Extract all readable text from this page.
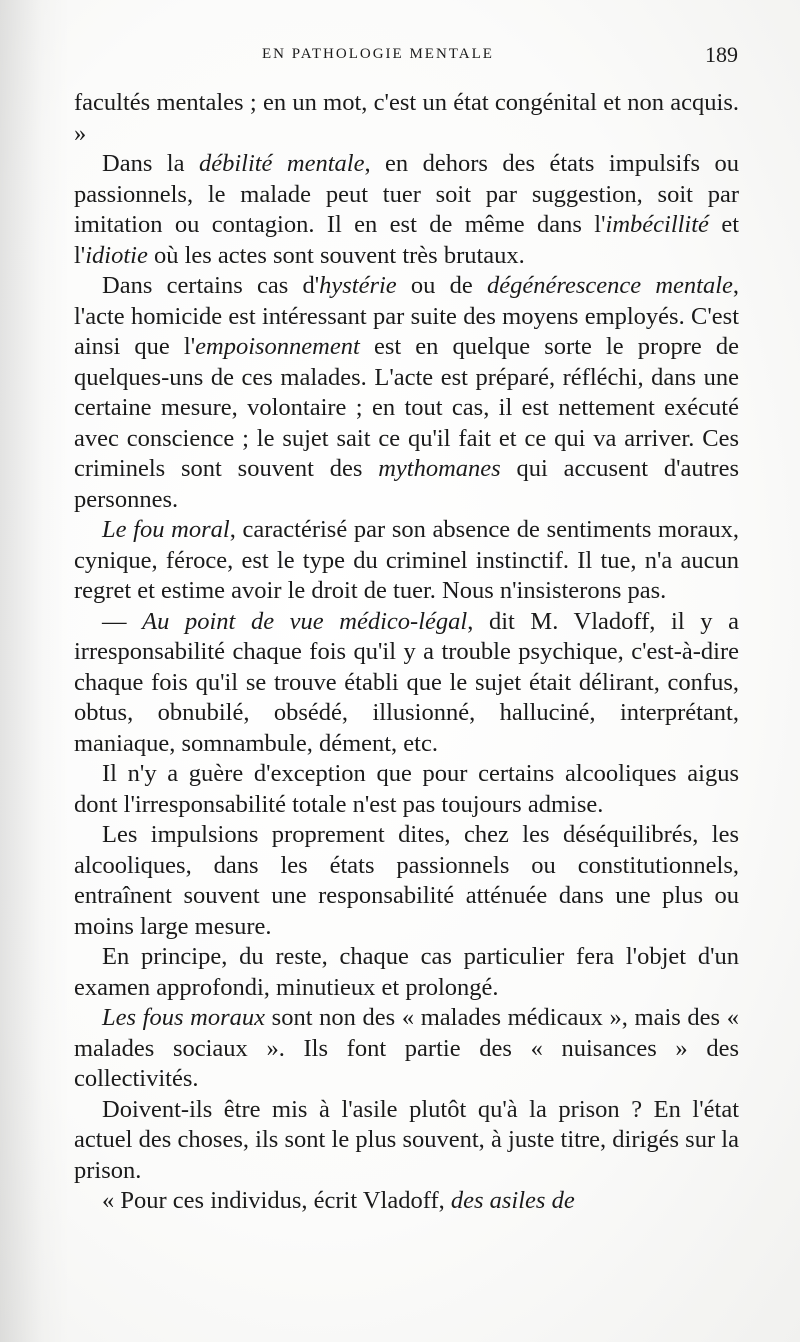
EN PATHOLOGIE MENTALE	189

facultés mentales ; en un mot, c'est un état congénital et non acquis. »

Dans la débilité mentale, en dehors des états impulsifs ou passionnels, le malade peut tuer soit par suggestion, soit par imitation ou contagion. Il en est de même dans l'imbécillité et l'idiotie où les actes sont souvent très brutaux.

Dans certains cas d'hystérie ou de dégénérescence mentale, l'acte homicide est intéressant par suite des moyens employés. C'est ainsi que l'empoisonnement est en quelque sorte le propre de quelques-uns de ces malades. L'acte est préparé, réfléchi, dans une certaine mesure, volontaire ; en tout cas, il est nettement exécuté avec conscience ; le sujet sait ce qu'il fait et ce qui va arriver. Ces criminels sont souvent des mythomanes qui accusent d'autres personnes.

Le fou moral, caractérisé par son absence de sentiments moraux, cynique, féroce, est le type du criminel instinctif. Il tue, n'a aucun regret et estime avoir le droit de tuer. Nous n'insisterons pas.

— Au point de vue médico-légal, dit M. Vladoff, il y a irresponsabilité chaque fois qu'il y a trouble psychique, c'est-à-dire chaque fois qu'il se trouve établi que le sujet était délirant, confus, obtus, obnubilé, obsédé, illusionné, halluciné, interprétant, maniaque, somnambule, dément, etc.

Il n'y a guère d'exception que pour certains alcooliques aigus dont l'irresponsabilité totale n'est pas toujours admise.

Les impulsions proprement dites, chez les déséquilibrés, les alcooliques, dans les états passionnels ou constitutionnels, entraînent souvent une responsabilité atténuée dans une plus ou moins large mesure.

En principe, du reste, chaque cas particulier fera l'objet d'un examen approfondi, minutieux et prolongé.

Les fous moraux sont non des « malades médicaux », mais des « malades sociaux ». Ils font partie des « nuisances » des collectivités.

Doivent-ils être mis à l'asile plutôt qu'à la prison ? En l'état actuel des choses, ils sont le plus souvent, à juste titre, dirigés sur la prison.

« Pour ces individus, écrit Vladoff, des asiles de
